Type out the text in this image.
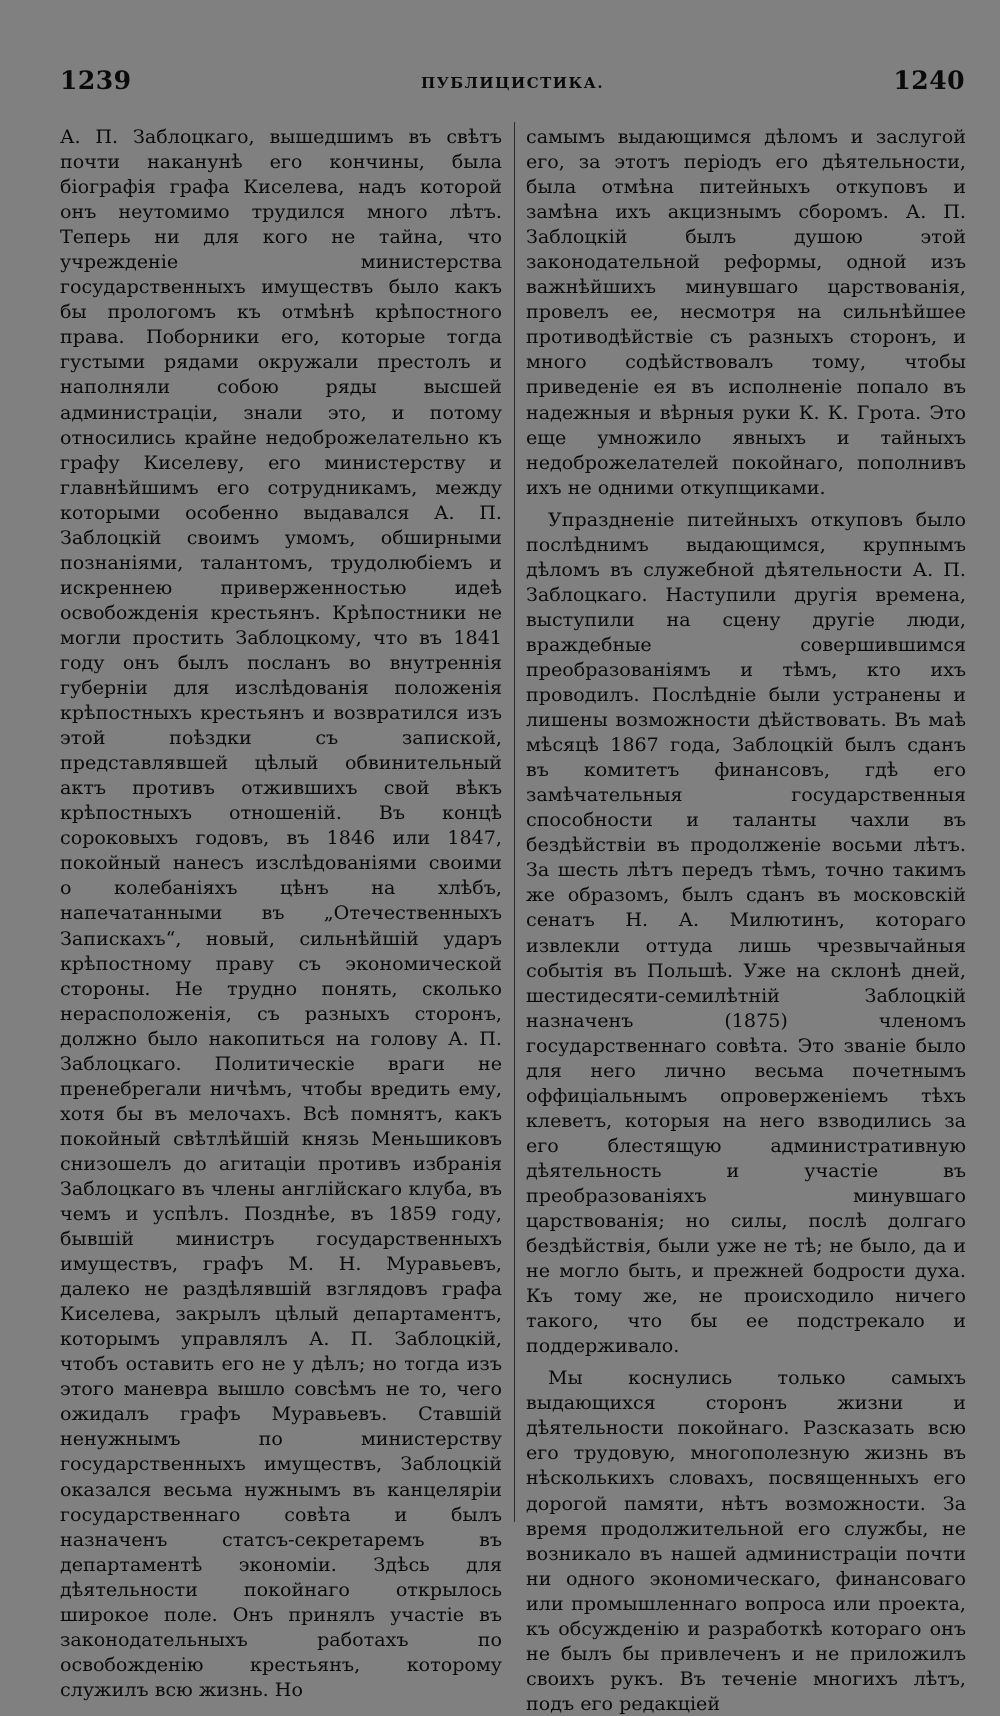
1239	ПУБЛИЦИСТИКА.	1240

А. П. Заблоцкаго, вышедшимъ въ свѣтъ почти наканунѣ его кончины, была біографія графа Киселева, надъ которой онъ неутомимо трудился много лѣтъ. Теперь ни для кого не тайна, что учрежденіе министерства государственныхъ имуществъ было какъ бы прологомъ къ отмѣнѣ крѣпостного права. Поборники его, которые тогда густыми рядами окружали престолъ и наполняли собою ряды высшей администраціи, знали это, и потому относились крайне недоброжелательно къ графу Киселеву, его министерству и главнѣйшимъ его сотрудникамъ, между которыми особенно выдавался А. П. Заблоцкій своимъ умомъ, обширными познаніями, талантомъ, трудолюбіемъ и искреннею приверженностью идеѣ освобожденія крестьянъ. Крѣпостники не могли простить Заблоцкому, что въ 1841 году онъ былъ посланъ во внутреннія губерніи для изслѣдованія положенія крѣпостныхъ крестьянъ и возвратился изъ этой поѣздки съ запиской, представлявшей цѣлый обвинительный актъ противъ отжившихъ свой вѣкъ крѣпостныхъ отношеній. Въ концѣ сороковыхъ годовъ, въ 1846 или 1847, покойный нанесъ изслѣдованіями своими о колебаніяхъ цѣнъ на хлѣбъ, напечатанными въ „Отечественныхъ Запискахъ“, новый, сильнѣйшій ударъ крѣпостному праву съ экономической стороны. Не трудно понять, сколько нерасположенія, съ разныхъ сторонъ, должно было накопиться на голову А. П. Заблоцкаго. Политическіе враги не пренебрегали ничѣмъ, чтобы вредить ему, хотя бы въ мелочахъ. Всѣ помнятъ, какъ покойный свѣтлѣйшій князь Меньшиковъ снизошелъ до агитаціи противъ избранія Заблоцкаго въ члены англійскаго клуба, въ чемъ и успѣлъ. Позднѣе, въ 1859 году, бывшій министръ государственныхъ имуществъ, графъ М. Н. Муравьевъ, далеко не раздѣлявшій взглядовъ графа Киселева, закрылъ цѣлый департаментъ, которымъ управлялъ А. П. Заблоцкій, чтобъ оставить его не у дѣлъ; но тогда изъ этого маневра вышло совсѣмъ не то, чего ожидалъ графъ Муравьевъ. Ставшій ненужнымъ по министерству государственныхъ имуществъ, Заблоцкій оказался весьма нужнымъ въ канцеляріи государственнаго совѣта и былъ назначенъ статсъ-секретаремъ въ департаментѣ экономіи. Здѣсь для дѣятельности покойнаго открылось широкое поле. Онъ принялъ участіе въ законодательныхъ работахъ по освобожденію крестьянъ, которому служилъ всю жизнь. Но

самымъ выдающимся дѣломъ и заслугой его, за этотъ періодъ его дѣятельности, была отмѣна питейныхъ откуповъ и замѣна ихъ акцизнымъ сборомъ. А. П. Заблоцкій былъ душою этой законодательной реформы, одной изъ важнѣйшихъ минувшаго царствованія, провелъ ее, несмотря на сильнѣйшее противодѣйствіе съ разныхъ сторонъ, и много содѣйствовалъ тому, чтобы приведеніе ея въ исполненіе попало въ надежныя и вѣрныя руки К. К. Грота. Это еще умножило явныхъ и тайныхъ недоброжелателей покойнаго, пополнивъ ихъ не одними откупщиками.

Упраздненіе питейныхъ откуповъ было послѣднимъ выдающимся, крупнымъ дѣломъ въ служебной дѣятельности А. П. Заблоцкаго. Наступили другія времена, выступили на сцену другіе люди, враждебные совершившимся преобразованіямъ и тѣмъ, кто ихъ проводилъ. Послѣдніе были устранены и лишены возможности дѣйствовать. Въ маѣ мѣсяцѣ 1867 года, Заблоцкій былъ сданъ въ комитетъ финансовъ, гдѣ его замѣчательныя государственныя способности и таланты чахли въ бездѣйствіи въ продолженіе восьми лѣтъ. За шесть лѣтъ передъ тѣмъ, точно такимъ же образомъ, былъ сданъ въ московскій сенатъ Н. А. Милютинъ, котораго извлекли оттуда лишь чрезвычайныя событія въ Польшѣ. Уже на склонѣ дней, шестидесяти-семилѣтній Заблоцкій назначенъ (1875) членомъ государственнаго совѣта. Это званіе было для него лично весьма почетнымъ оффиціальнымъ опроверженіемъ тѣхъ клеветъ, которыя на него взводились за его блестящую административную дѣятельность и участіе въ преобразованіяхъ минувшаго царствованія; но силы, послѣ долгаго бездѣйствія, были уже не тѣ; не было, да и не могло быть, и прежней бодрости духа. Къ тому же, не происходило ничего такого, что бы ее подстрекало и поддерживало.

Мы коснулись только самыхъ выдающихся сторонъ жизни и дѣятельности покойнаго. Разсказать всю его трудовую, многополезную жизнь въ нѣсколькихъ словахъ, посвященныхъ его дорогой памяти, нѣтъ возможности. За время продолжительной его службы, не возникало въ нашей администраціи почти ни одного экономическаго, финансоваго или промышленнаго вопроса или проекта, къ обсужденію и разработкѣ котораго онъ не былъ бы привлеченъ и не приложилъ своихъ рукъ. Въ теченіе многихъ лѣтъ, подъ его редакціей
